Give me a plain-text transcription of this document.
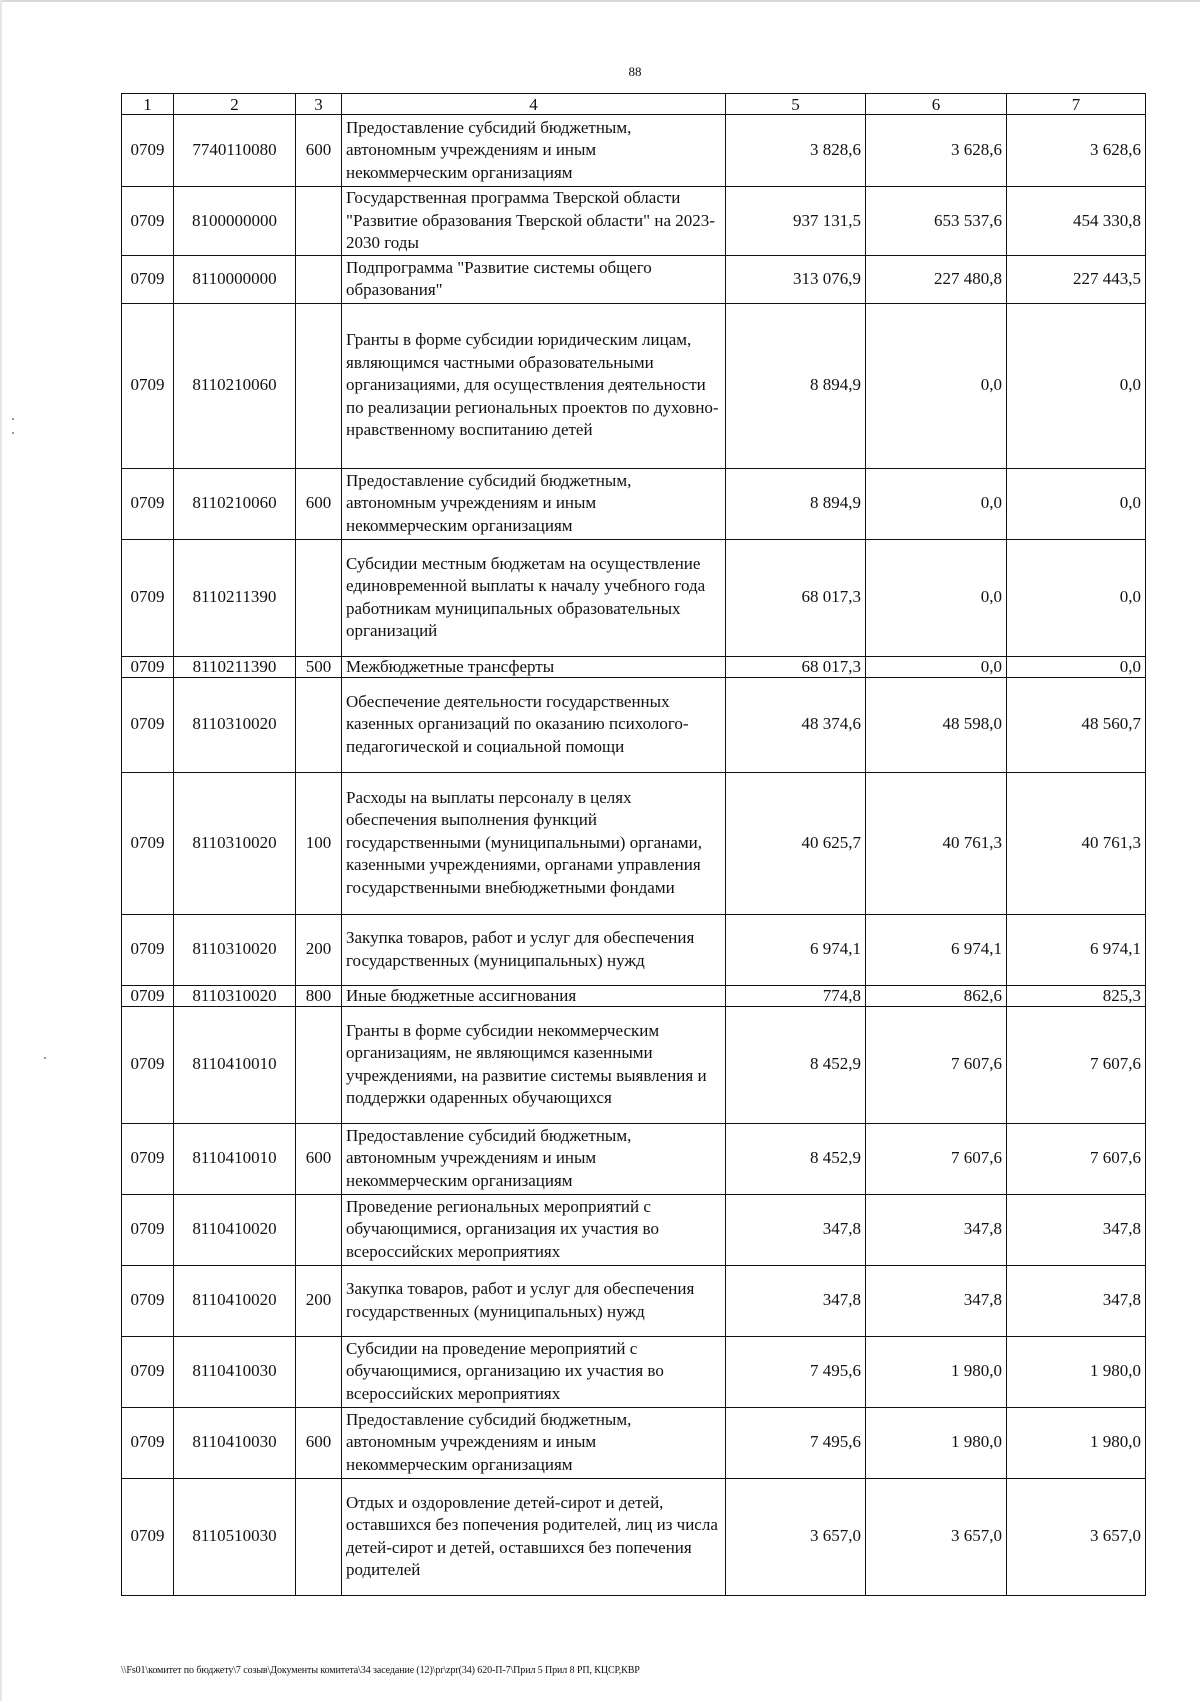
88
1	2	3	4	5	6	7
0709	7740110080	600	Предоставление субсидий бюджетным, автономным учреждениям и иным некоммерческим организациям	3 828,6	3 628,6	3 628,6
0709	8100000000		Государственная программа Тверской области "Развитие образования Тверской области" на 2023-2030 годы	937 131,5	653 537,6	454 330,8
0709	8110000000		Подпрограмма "Развитие системы общего образования"	313 076,9	227 480,8	227 443,5
0709	8110210060		Гранты в форме субсидии юридическим лицам, являющимся частными образовательными организациями, для осуществления деятельности по реализации региональных проектов по духовно-нравственному воспитанию детей	8 894,9	0,0	0,0
0709	8110210060	600	Предоставление субсидий бюджетным, автономным учреждениям и иным некоммерческим организациям	8 894,9	0,0	0,0
0709	8110211390		Субсидии местным бюджетам на осуществление единовременной выплаты к началу учебного года работникам муниципальных образовательных организаций	68 017,3	0,0	0,0
0709	8110211390	500	Межбюджетные трансферты	68 017,3	0,0	0,0
0709	8110310020		Обеспечение деятельности государственных казенных организаций по оказанию психолого-педагогической и социальной помощи	48 374,6	48 598,0	48 560,7
0709	8110310020	100	Расходы на выплаты персоналу в целях обеспечения выполнения функций государственными (муниципальными) органами, казенными учреждениями, органами управления государственными внебюджетными фондами	40 625,7	40 761,3	40 761,3
0709	8110310020	200	Закупка товаров, работ и услуг для обеспечения государственных (муниципальных) нужд	6 974,1	6 974,1	6 974,1
0709	8110310020	800	Иные бюджетные ассигнования	774,8	862,6	825,3
0709	8110410010		Гранты в форме субсидии некоммерческим организациям, не являющимся казенными учреждениями, на развитие системы выявления и поддержки одаренных обучающихся	8 452,9	7 607,6	7 607,6
0709	8110410010	600	Предоставление субсидий бюджетным, автономным учреждениям и иным некоммерческим организациям	8 452,9	7 607,6	7 607,6
0709	8110410020		Проведение региональных мероприятий с обучающимися, организация их участия во всероссийских мероприятиях	347,8	347,8	347,8
0709	8110410020	200	Закупка товаров, работ и услуг для обеспечения государственных (муниципальных) нужд	347,8	347,8	347,8
0709	8110410030		Субсидии на проведение мероприятий с обучающимися, организацию их участия во всероссийских мероприятиях	7 495,6	1 980,0	1 980,0
0709	8110410030	600	Предоставление субсидий бюджетным, автономным учреждениям и иным некоммерческим организациям	7 495,6	1 980,0	1 980,0
0709	8110510030		Отдых и оздоровление детей-сирот и детей, оставшихся без попечения родителей, лиц из числа детей-сирот и детей, оставшихся без попечения родителей	3 657,0	3 657,0	3 657,0
\\Fs01\комитет по бюджету\7 созыв\Документы комитета\34 заседание (12)\pr\zpr(34) 620-П-7\Прил 5 Прил 8 РП, КЦСР,КВР
